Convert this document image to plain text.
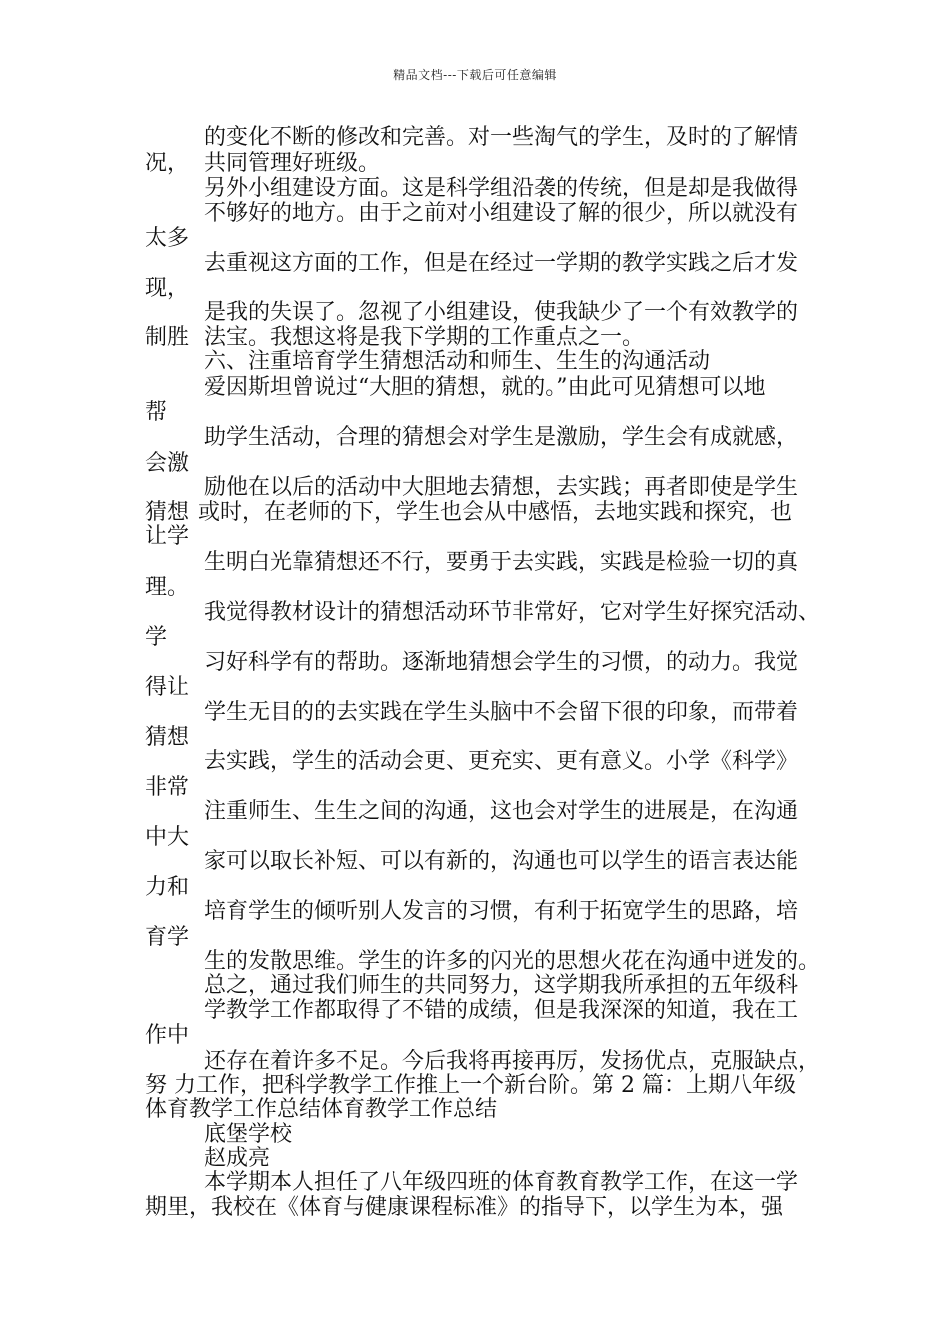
精品文档---下载后可任意编辑
的变化不断的修改和完善。对一些淘气的学生，及时的了解情
况， 共同管理好班级。
另外小组建设方面。这是科学组沿袭的传统，但是却是我做得
不够好的地方。由于之前对小组建设了解的很少，所以就没有
太多
去重视这方面的工作，但是在经过一学期的教学实践之后才发
现，
是我的失误了。忽视了小组建设，使我缺少了一个有效教学的
制胜 法宝。我想这将是我下学期的工作重点之一。
六、注重培育学生猜想活动和师生、生生的沟通活动
爱因斯坦曾说过“大胆的猜想，就的。”由此可见猜想可以地
帮
助学生活动，合理的猜想会对学生是激励，学生会有成就感，
会激
励他在以后的活动中大胆地去猜想，去实践；再者即使是学生
猜想 或时，在老师的下，学生也会从中感悟，去地实践和探究，也
让学
生明白光靠猜想还不行，要勇于去实践，实践是检验一切的真
理。
我觉得教材设计的猜想活动环节非常好，它对学生好探究活动、
学
习好科学有的帮助。逐渐地猜想会学生的习惯，的动力。我觉
得让
学生无目的的去实践在学生头脑中不会留下很的印象，而带着
猜想
去实践，学生的活动会更、更充实、更有意义。小学《科学》
非常
注重师生、生生之间的沟通，这也会对学生的进展是，在沟通
中大
家可以取长补短、可以有新的，沟通也可以学生的语言表达能
力和
培育学生的倾听别人发言的习惯，有利于拓宽学生的思路，培
育学
生的发散思维。学生的许多的闪光的思想火花在沟通中迸发的。
总之，通过我们师生的共同努力，这学期我所承担的五年级科
学教学工作都取得了不错的成绩，但是我深深的知道，我在工
作中
还存在着许多不足。今后我将再接再厉，发扬优点，克服缺点，
努 力工作，把科学教学工作推上一个新台阶。第 2 篇：上期八年级
体育教学工作总结体育教学工作总结
底堡学校
赵成亮
本学期本人担任了八年级四班的体育教育教学工作，在这一学
期里，我校在《体育与健康课程标准》的指导下，以学生为本，强
